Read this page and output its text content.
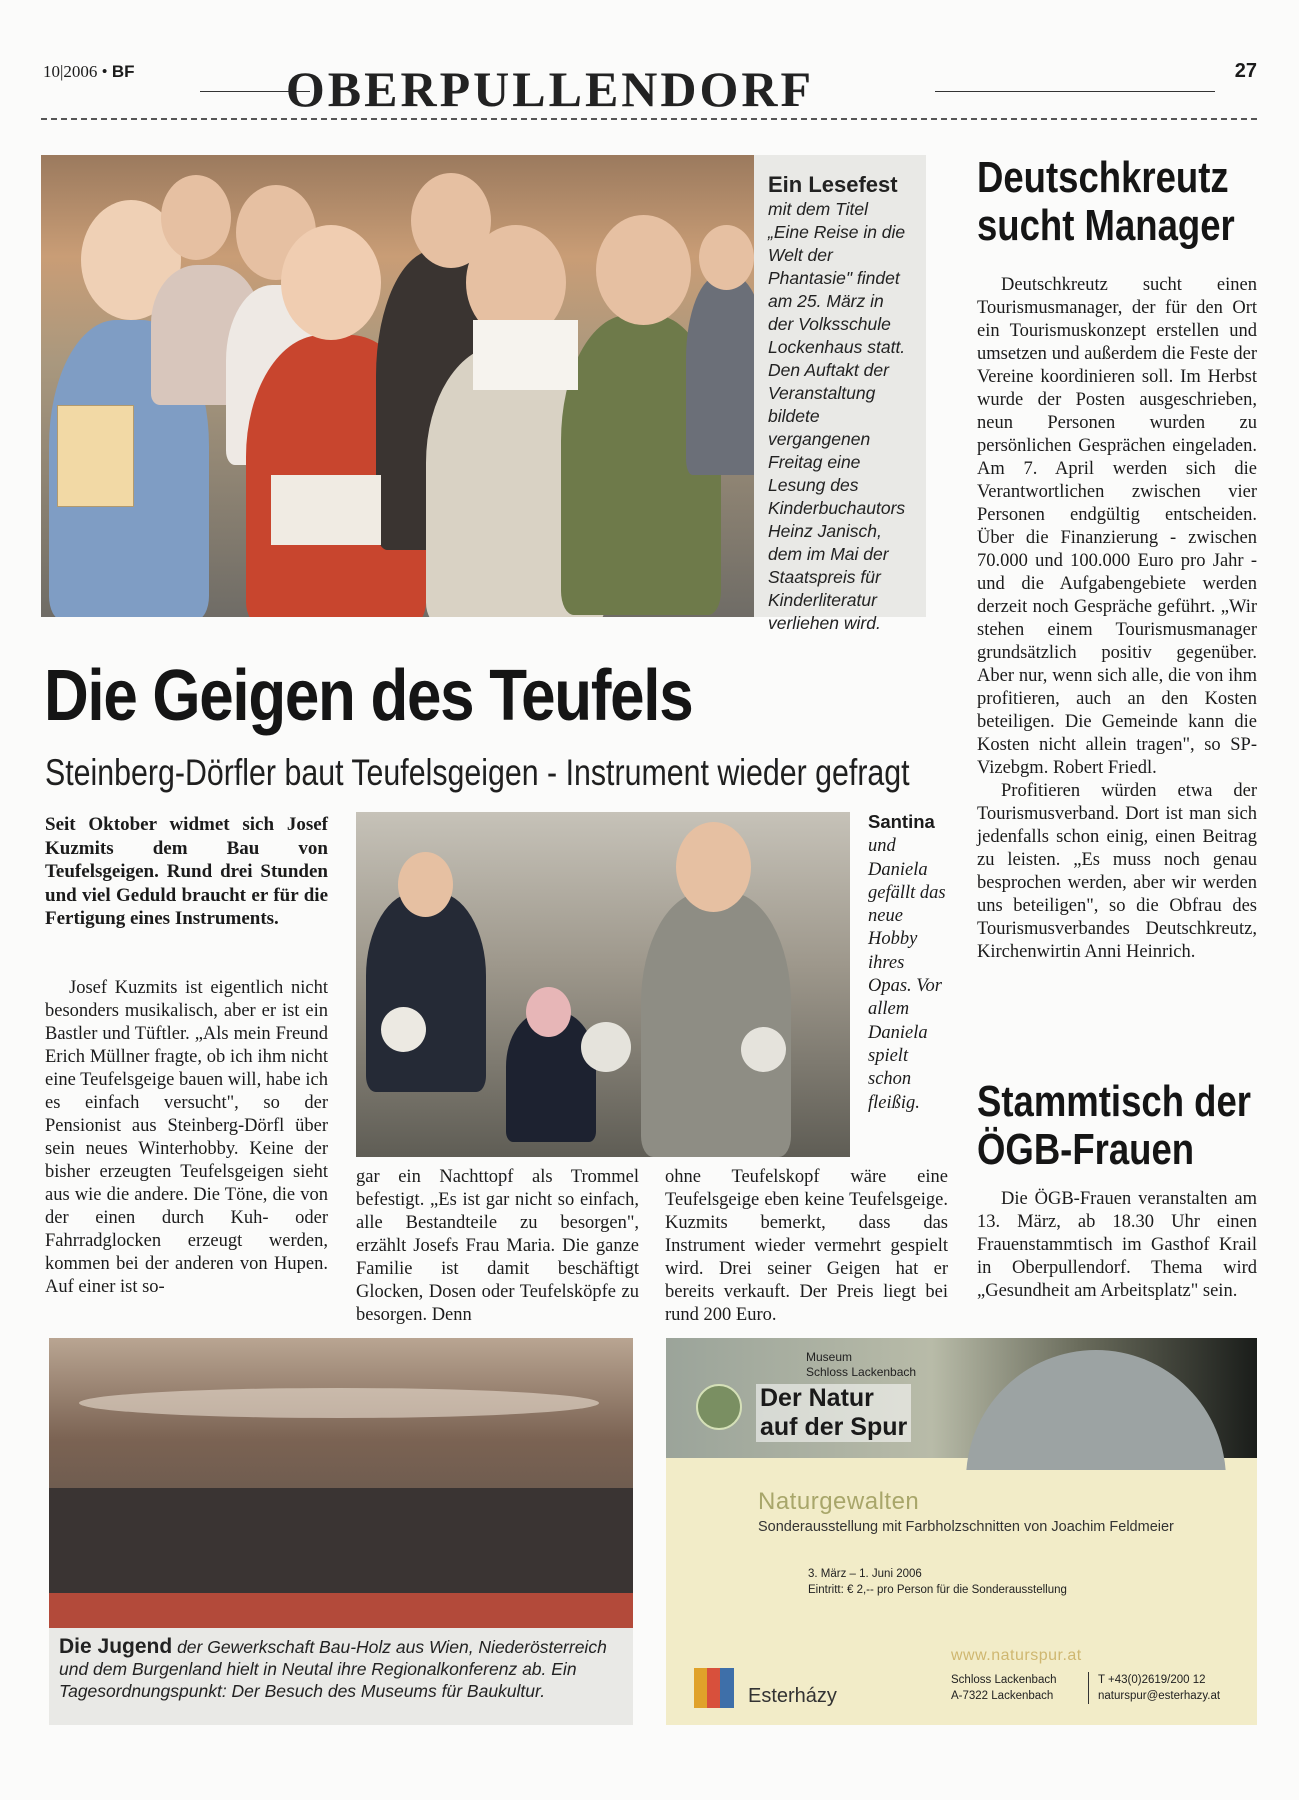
10|2006 • BF	OBERPULLENDORF	27
Ein Lesefest mit dem Titel „Eine Reise in die Welt der Phantasie" findet am 25. März in der Volksschule Lockenhaus statt. Den Auftakt der Veranstaltung bildete vergangenen Freitag eine Lesung des Kinderbuchautors Heinz Janisch, dem im Mai der Staatspreis für Kinderliteratur verliehen wird.
Die Geigen des Teufels
Steinberg-Dörfler baut Teufelsgeigen - Instrument wieder gefragt
Seit Oktober widmet sich Josef Kuzmits dem Bau von Teufelsgeigen. Rund drei Stunden und viel Geduld braucht er für die Fertigung eines Instruments.

Josef Kuzmits ist eigentlich nicht besonders musikalisch, aber er ist ein Bastler und Tüftler. „Als mein Freund Erich Müllner fragte, ob ich ihm nicht eine Teufelsgeige bauen will, habe ich es einfach versucht", so der Pensionist aus Steinberg-Dörfl über sein neues Winterhobby. Keine der bisher erzeugten Teufelsgeigen sieht aus wie die andere. Die Töne, die von der einen durch Kuh- oder Fahrradglocken erzeugt werden, kommen bei der anderen von Hupen. Auf einer ist so-

Santina und Daniela gefällt das neue Hobby ihres Opas. Vor allem Daniela spielt schon fleißig.
gar ein Nachttopf als Trommel befestigt. „Es ist gar nicht so einfach, alle Bestandteile zu besorgen", erzählt Josefs Frau Maria. Die ganze Familie ist damit beschäftigt Glocken, Dosen oder Teufelsköpfe zu besorgen. Denn
ohne Teufelskopf wäre eine Teufelsgeige eben keine Teufelsgeige. Kuzmits bemerkt, dass das Instrument wieder vermehrt gespielt wird. Drei seiner Geigen hat er bereits verkauft. Der Preis liegt bei rund 200 Euro.
Die Jugend der Gewerkschaft Bau-Holz aus Wien, Niederösterreich und dem Burgenland hielt in Neutal ihre Regionalkonferenz ab. Ein Tagesordnungspunkt: Der Besuch des Museums für Baukultur.
Deutschkreutz
sucht Manager

Deutschkreutz sucht einen Tourismusmanager, der für den Ort ein Tourismuskonzept erstellen und umsetzen und außerdem die Feste der Vereine koordinieren soll. Im Herbst wurde der Posten ausgeschrieben, neun Personen wurden zu persönlichen Gesprächen eingeladen. Am 7. April werden sich die Verantwortlichen zwischen vier Personen endgültig entscheiden. Über die Finanzierung - zwischen 70.000 und 100.000 Euro pro Jahr - und die Aufgabengebiete werden derzeit noch Gespräche geführt. „Wir stehen einem Tourismusmanager grundsätzlich positiv gegenüber. Aber nur, wenn sich alle, die von ihm profitieren, auch an den Kosten beteiligen. Die Gemeinde kann die Kosten nicht allein tragen", so SP-Vizebgm. Robert Friedl.

Profitieren würden etwa der Tourismusverband. Dort ist man sich jedenfalls schon einig, einen Beitrag zu leisten. „Es muss noch genau besprochen werden, aber wir werden uns beteiligen", so die Obfrau des Tourismusverbandes Deutschkreutz, Kirchenwirtin Anni Heinrich.

Stammtisch der
ÖGB-Frauen

Die ÖGB-Frauen veranstalten am 13. März, ab 18.30 Uhr einen Frauenstammtisch im Gasthof Krail in Oberpullendorf. Thema wird „Gesundheit am Arbeitsplatz" sein.

Museum
Schloss Lackenbach
Der Natur
auf der Spur
Naturgewalten
Sonderausstellung mit Farbholzschnitten von Joachim Feldmeier
3. März – 1. Juni 2006
Eintritt: € 2,-- pro Person für die Sonderausstellung
www.naturspur.at
Esterházy
Schloss Lackenbach
A-7322 Lackenbach
T +43(0)2619/200 12
naturspur@esterhazy.at
